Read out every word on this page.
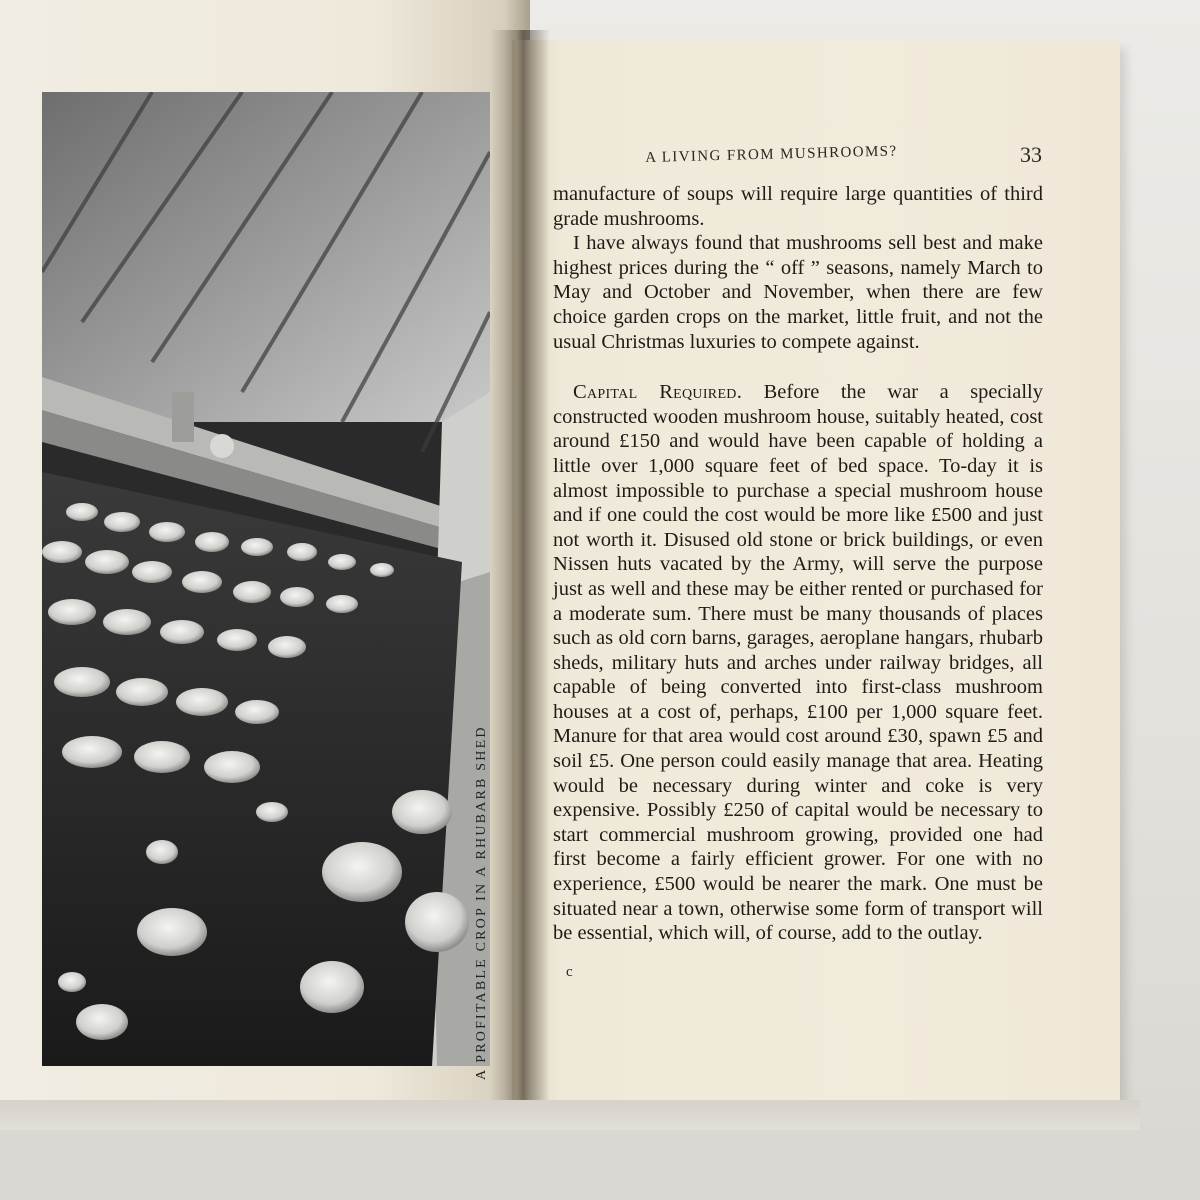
A PROFITABLE CROP IN A RHUBARB SHED
A LIVING FROM MUSHROOMS?	33

manufacture of soups will require large quantities of third grade mushrooms.

I have always found that mushrooms sell best and make highest prices during the “ off ” seasons, namely March to May and October and November, when there are few choice garden crops on the market, little fruit, and not the usual Christmas luxuries to compete against.

Capital Required. Before the war a specially constructed wooden mushroom house, suitably heated, cost around £150 and would have been capable of holding a little over 1,000 square feet of bed space. To-day it is almost impossible to purchase a special mushroom house and if one could the cost would be more like £500 and just not worth it. Disused old stone or brick buildings, or even Nissen huts vacated by the Army, will serve the purpose just as well and these may be either rented or purchased for a moderate sum. There must be many thousands of places such as old corn barns, garages, aeroplane hangars, rhubarb sheds, military huts and arches under railway bridges, all capable of being converted into first-class mushroom houses at a cost of, perhaps, £100 per 1,000 square feet. Manure for that area would cost around £30, spawn £5 and soil £5. One person could easily manage that area. Heating would be necessary during winter and coke is very expensive. Possibly £250 of capital would be necessary to start commercial mushroom growing, provided one had first become a fairly efficient grower. For one with no experience, £500 would be nearer the mark. One must be situated near a town, otherwise some form of transport will be essential, which will, of course, add to the outlay.

c
